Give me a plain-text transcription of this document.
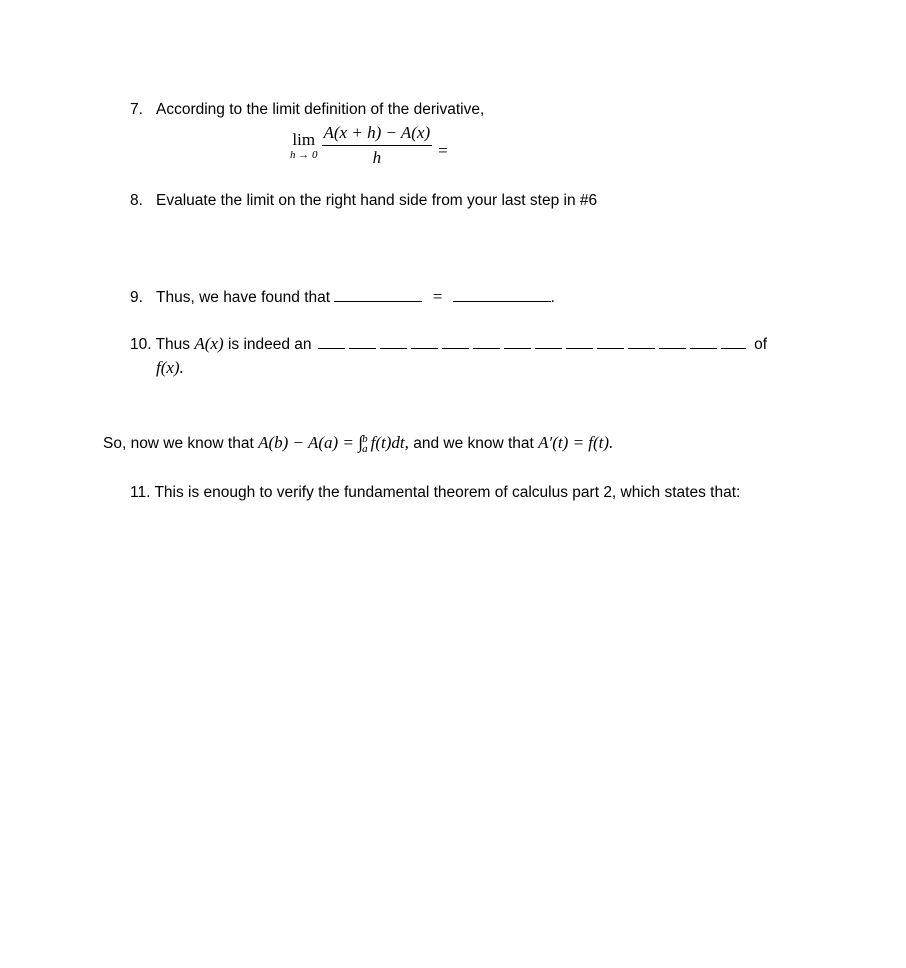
7. According to the limit definition of the derivative,
lim
$h \to 0 \frac{A(x + h) - A(x)}{h}$ =
8. Evaluate the limit on the right hand side from your last step in #6
9. Thus, we have found that	=	.
10. Thus A(x) is indeed an	of
f(x).
So, now we know that A(b) − A(a) = ∫ b
a f(t)dt, and we know that A′(t) = f(t).
11. This is enough to verify the fundamental theorem of calculus part 2, which states that:
